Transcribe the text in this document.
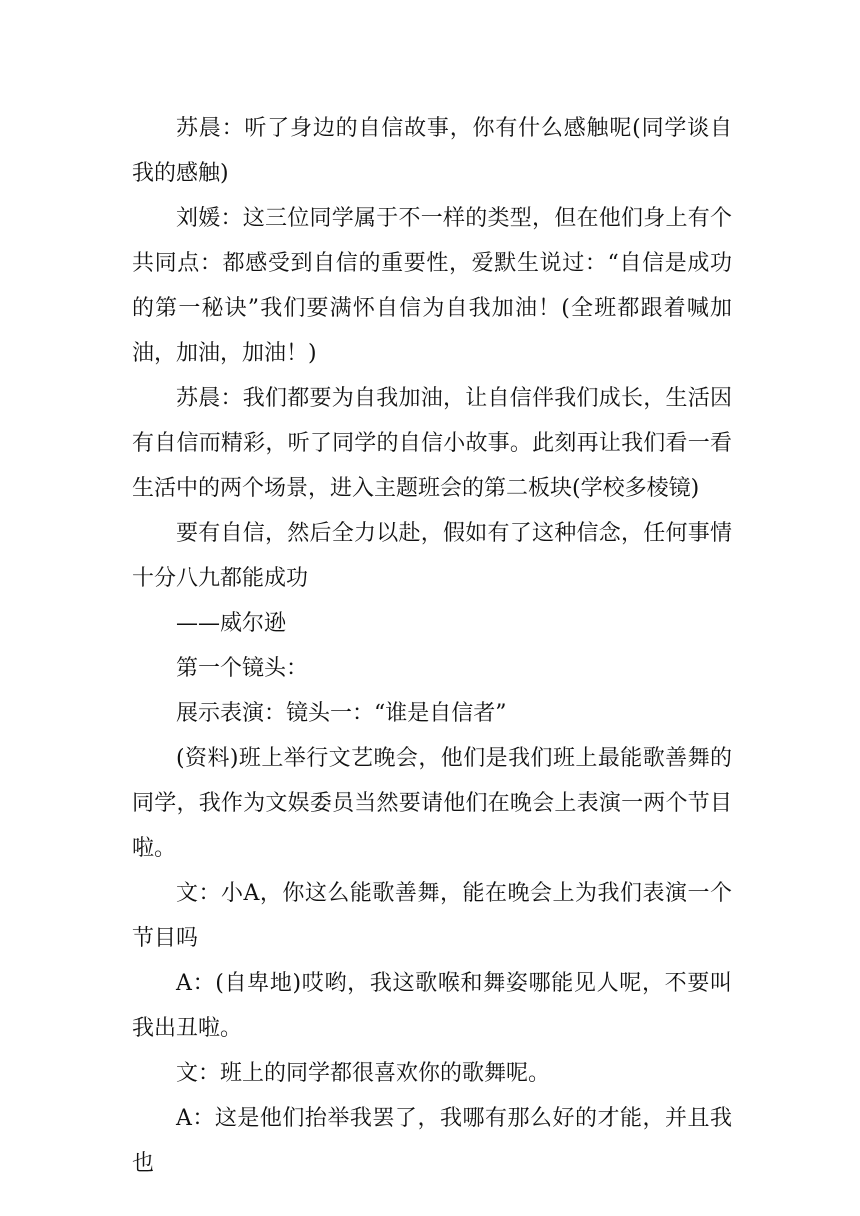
苏晨：听了身边的自信故事，你有什么感触呢(同学谈自我的感触)

刘媛：这三位同学属于不一样的类型，但在他们身上有个共同点：都感受到自信的重要性，爱默生说过：“自信是成功的第一秘诀”我们要满怀自信为自我加油！(全班都跟着喊加油，加油，加油！)

苏晨：我们都要为自我加油，让自信伴我们成长，生活因有自信而精彩，听了同学的自信小故事。此刻再让我们看一看生活中的两个场景，进入主题班会的第二板块(学校多棱镜)

要有自信，然后全力以赴，假如有了这种信念，任何事情十分八九都能成功

——威尔逊

第一个镜头：

展示表演：镜头一：“谁是自信者”

(资料)班上举行文艺晚会，他们是我们班上最能歌善舞的同学，我作为文娱委员当然要请他们在晚会上表演一两个节目啦。

文：小A，你这么能歌善舞，能在晚会上为我们表演一个节目吗

A：(自卑地)哎哟，我这歌喉和舞姿哪能见人呢，不要叫我出丑啦。

文：班上的同学都很喜欢你的歌舞呢。

A：这是他们抬举我罢了，我哪有那么好的才能，并且我也
